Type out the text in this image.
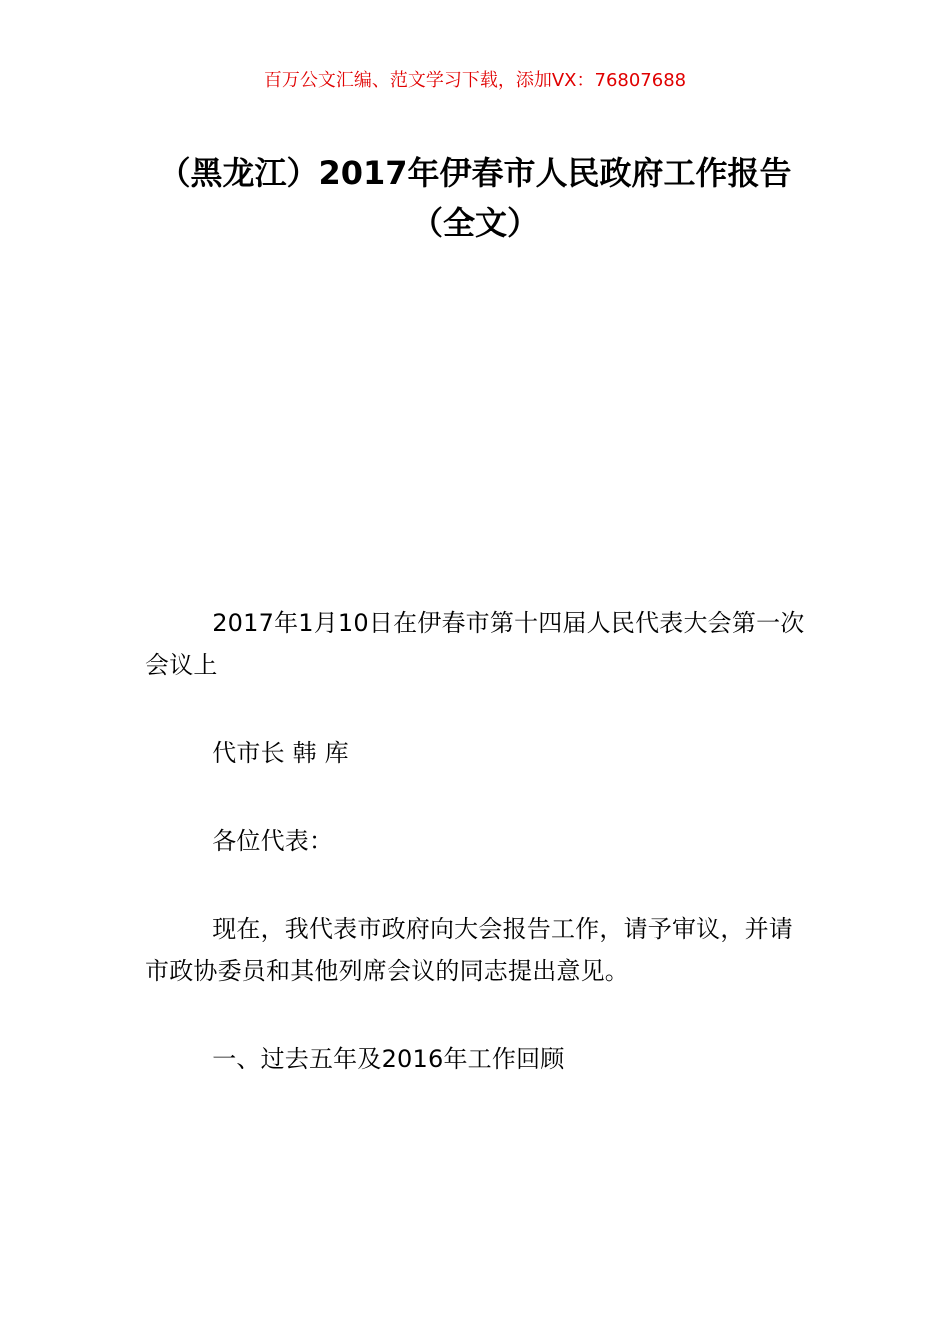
百万公文汇编、范文学习下载，添加VX：76807688
（黑龙江）2017年伊春市人民政府工作报告（全文）

2017年1月10日在伊春市第十四届人民代表大会第一次会议上

代市长 韩 库

各位代表：

现在，我代表市政府向大会报告工作，请予审议，并请市政协委员和其他列席会议的同志提出意见。

一、过去五年及2016年工作回顾
